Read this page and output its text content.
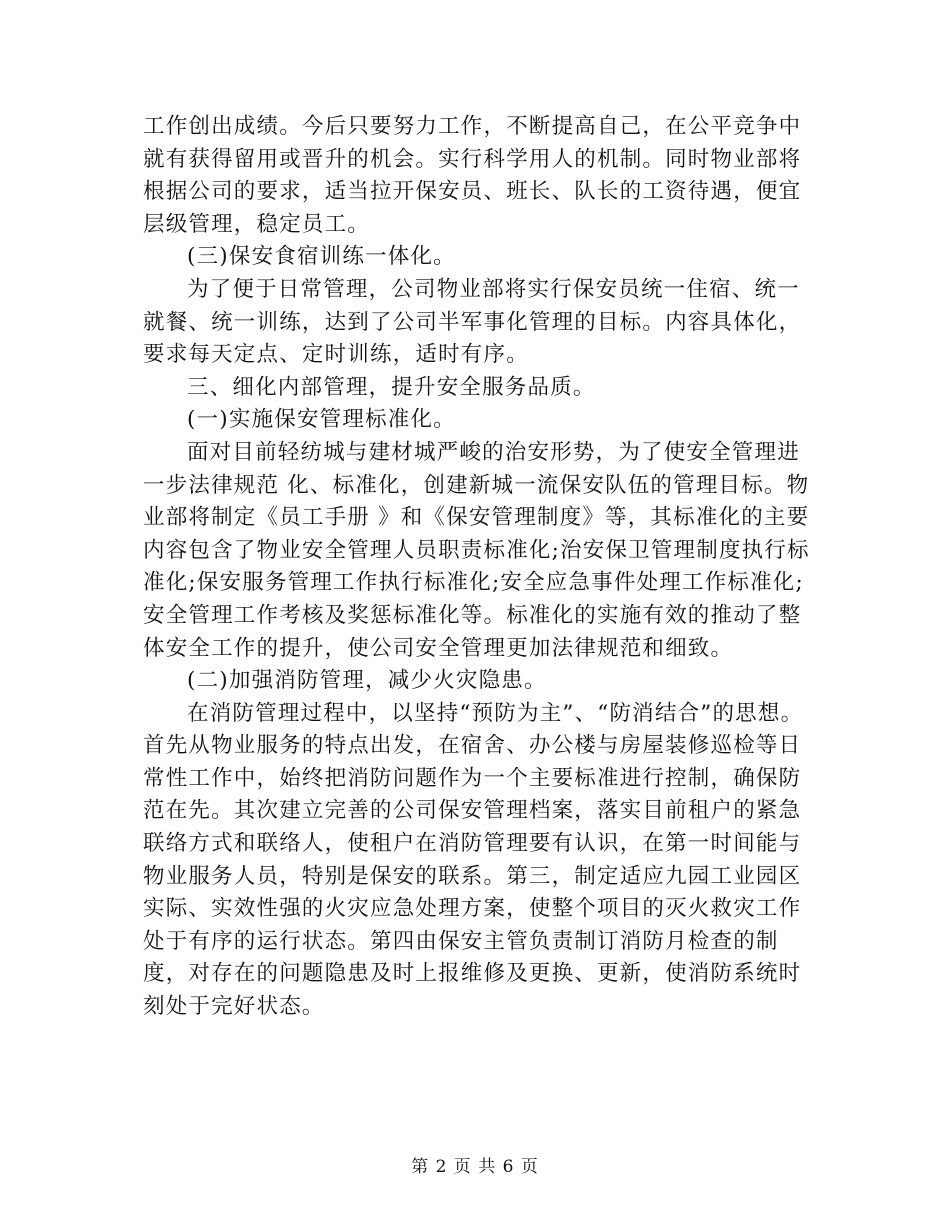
工作创出成绩。今后只要努力工作，不断提高自己，在公平竞争中就有获得留用或晋升的机会。实行科学用人的机制。同时物业部将根据公司的要求，适当拉开保安员、班长、队长的工资待遇，便宜层级管理，稳定员工。

(三)保安食宿训练一体化。

为了便于日常管理，公司物业部将实行保安员统一住宿、统一就餐、统一训练，达到了公司半军事化管理的目标。内容具体化，要求每天定点、定时训练，适时有序。

三、细化内部管理，提升安全服务品质。

(一)实施保安管理标准化。

面对目前轻纺城与建材城严峻的治安形势，为了使安全管理进一步法律规范 化、标准化，创建新城一流保安队伍的管理目标。物业部将制定《员工手册 》和《保安管理制度》等，其标准化的主要内容包含了物业安全管理人员职责标准化;治安保卫管理制度执行标准化;保安服务管理工作执行标准化;安全应急事件处理工作标准化;安全管理工作考核及奖惩标准化等。标准化的实施有效的推动了整体安全工作的提升，使公司安全管理更加法律规范和细致。

(二)加强消防管理，减少火灾隐患。

在消防管理过程中，以坚持“预防为主”、“防消结合”的思想。首先从物业服务的特点出发，在宿舍、办公楼与房屋装修巡检等日常性工作中，始终把消防问题作为一个主要标准进行控制，确保防范在先。其次建立完善的公司保安管理档案，落实目前租户的紧急联络方式和联络人，使租户在消防管理要有认识，在第一时间能与物业服务人员，特别是保安的联系。第三，制定适应九园工业园区实际、实效性强的火灾应急处理方案，使整个项目的灭火救灾工作处于有序的运行状态。第四由保安主管负责制订消防月检查的制度，对存在的问题隐患及时上报维修及更换、更新，使消防系统时刻处于完好状态。

第 2 页 共 6 页
